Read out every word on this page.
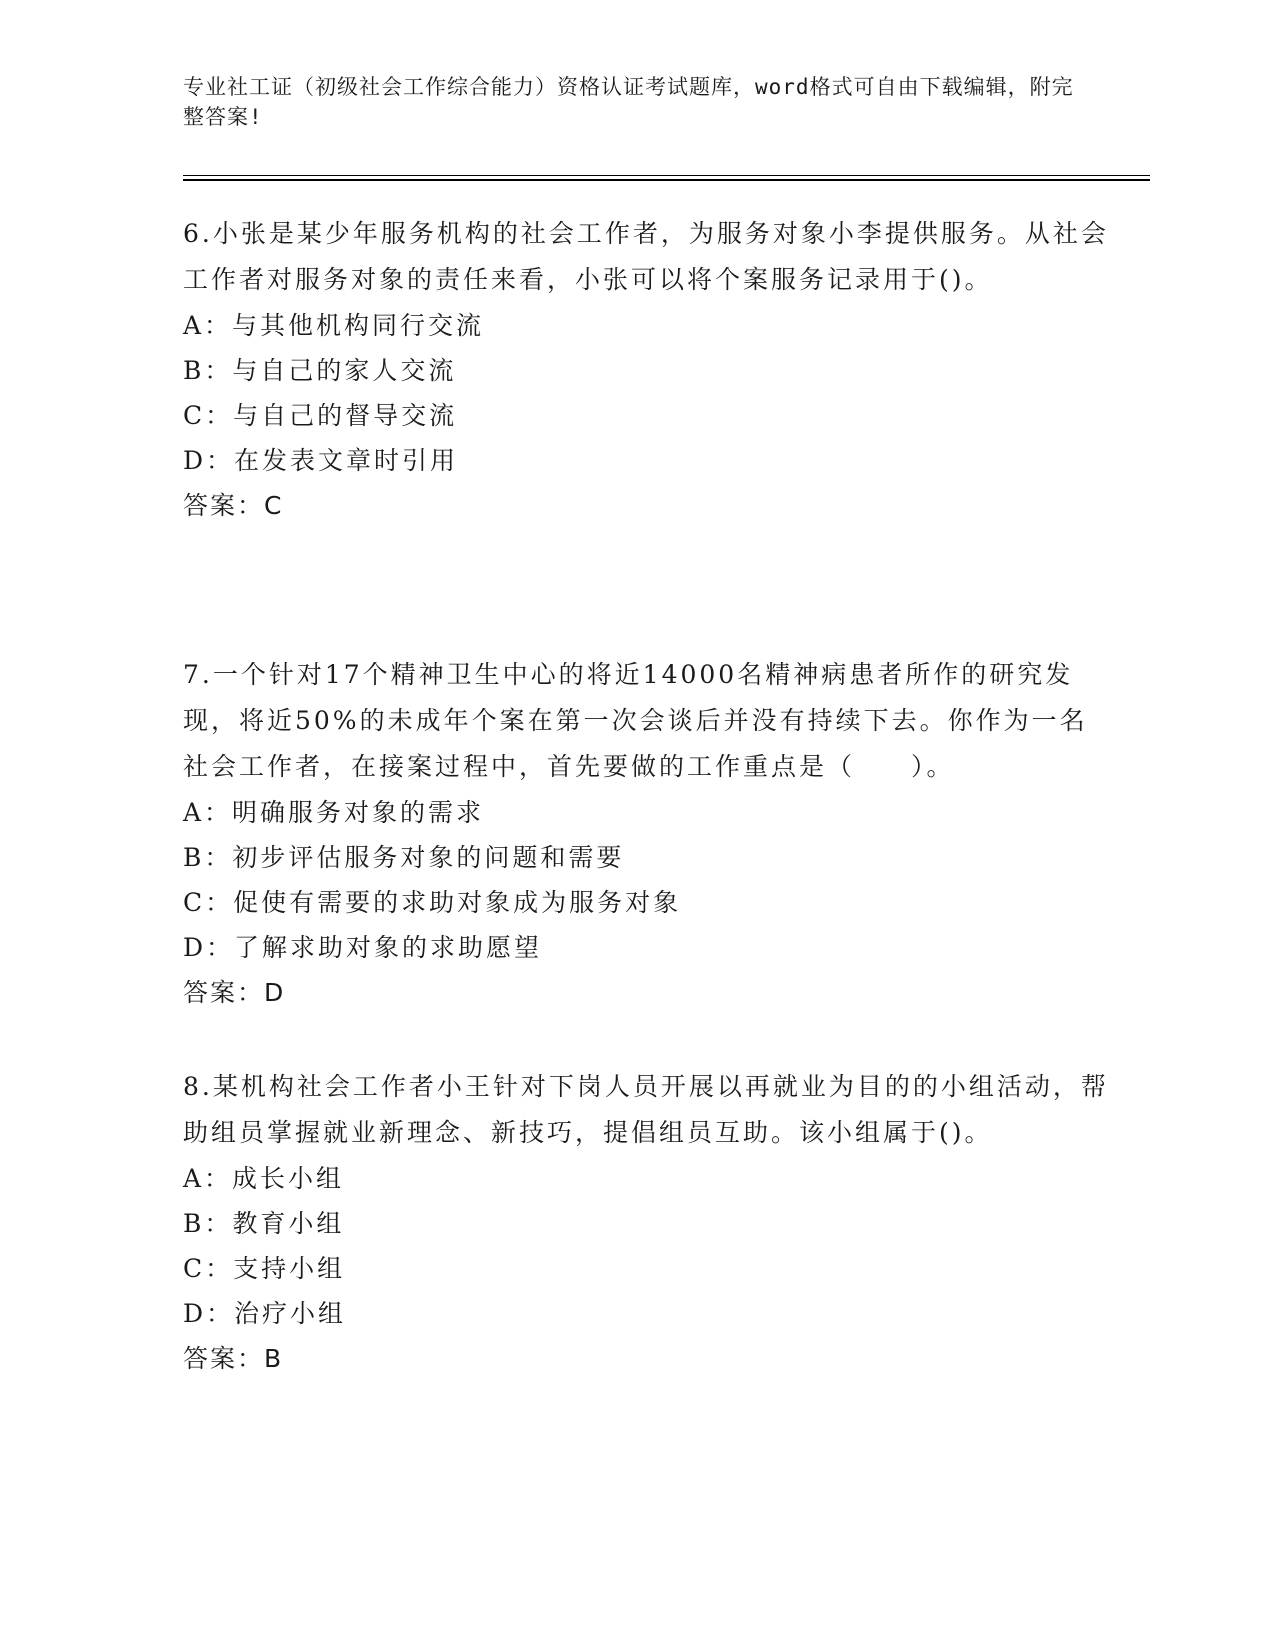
专业社工证（初级社会工作综合能力）资格认证考试题库，word格式可自由下载编辑，附完整答案!

6.小张是某少年服务机构的社会工作者，为服务对象小李提供服务。从社会工作者对服务对象的责任来看，小张可以将个案服务记录用于()。

A：与其他机构同行交流

B：与自己的家人交流

C：与自己的督导交流

D：在发表文章时引用

答案：C

7.一个针对17个精神卫生中心的将近14000名精神病患者所作的研究发现，将近50%的未成年个案在第一次会谈后并没有持续下去。你作为一名社会工作者，在接案过程中，首先要做的工作重点是（　　）。

A：明确服务对象的需求

B：初步评估服务对象的问题和需要

C：促使有需要的求助对象成为服务对象

D：了解求助对象的求助愿望

答案：D

8.某机构社会工作者小王针对下岗人员开展以再就业为目的的小组活动，帮助组员掌握就业新理念、新技巧，提倡组员互助。该小组属于()。

A：成长小组

B：教育小组

C：支持小组

D：治疗小组

答案：B
